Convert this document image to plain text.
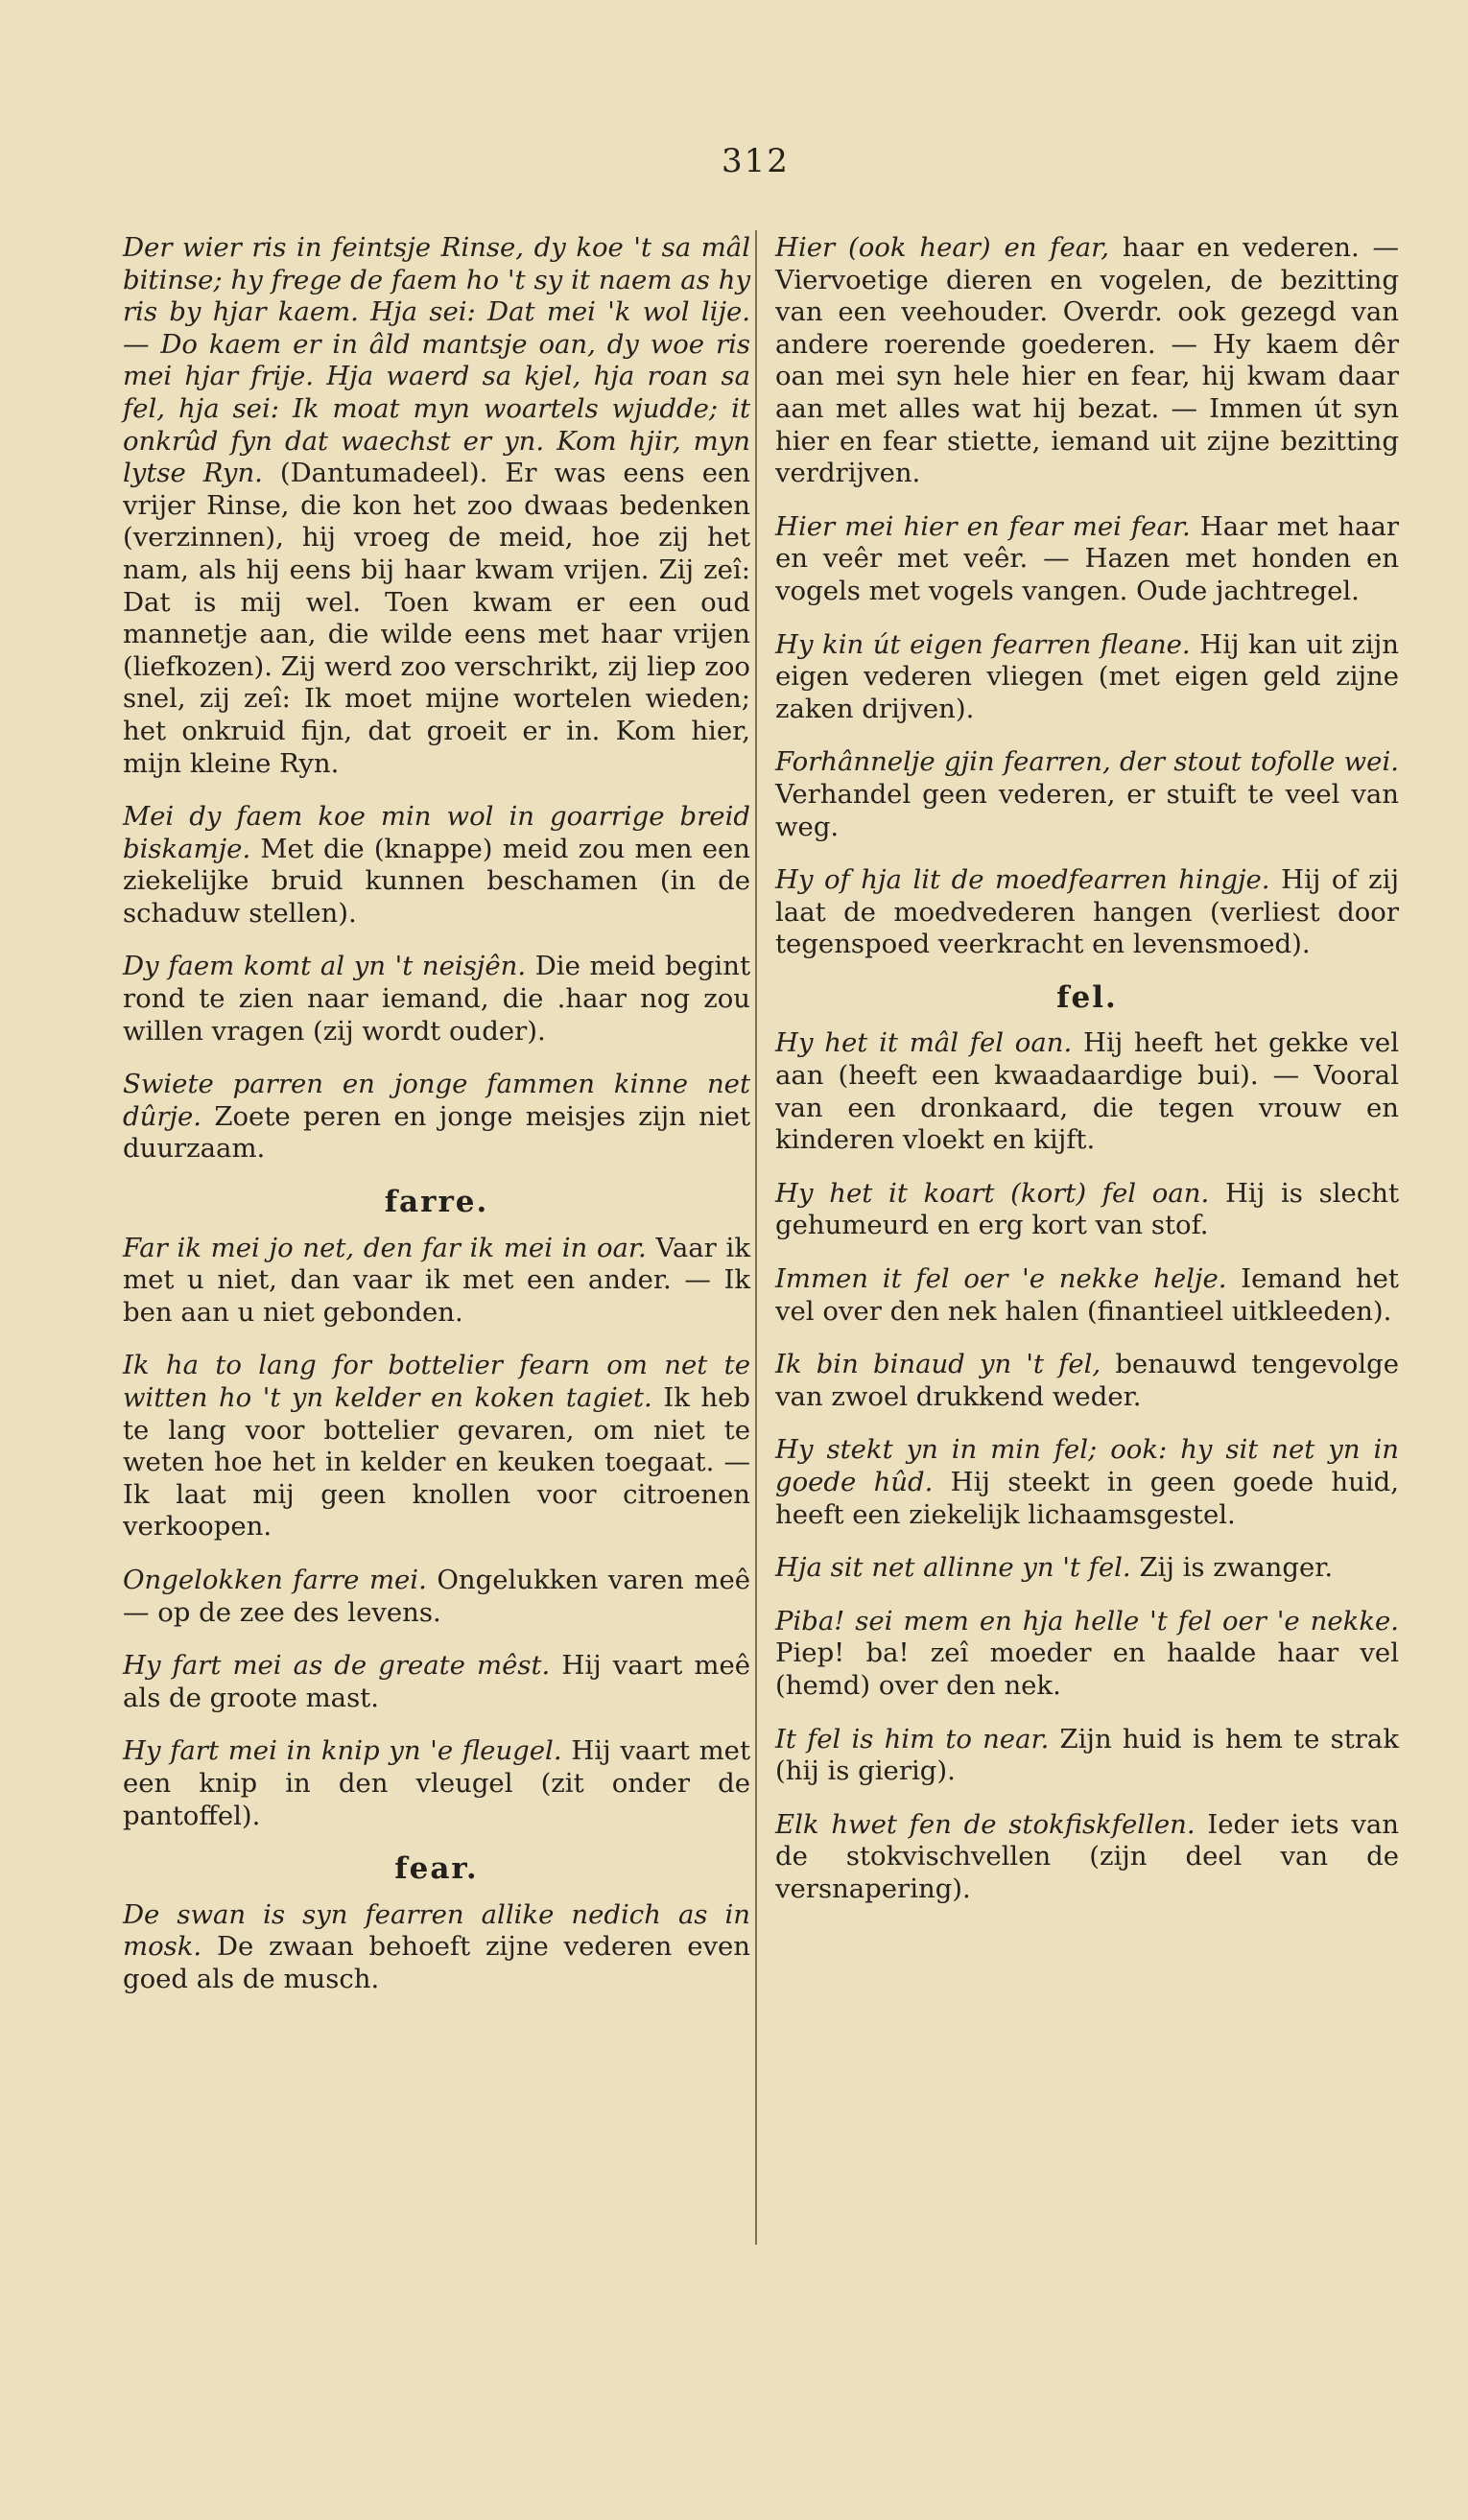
312
Der wier ris in feintsje Rinse, dy koe 't sa mâl bitinse; hy frege de faem ho 't sy it naem as hy ris by hjar kaem. Hja sei: Dat mei 'k wol lije. — Do kaem er in âld mantsje oan, dy woe ris mei hjar frije. Hja waerd sa kjel, hja roan sa fel, hja sei: Ik moat myn woartels wjudde; it onkrûd fyn dat waechst er yn. Kom hjir, myn lytse Ryn. (Dantumadeel). Er was eens een vrijer Rinse, die kon het zoo dwaas bedenken (verzinnen), hij vroeg de meid, hoe zij het nam, als hij eens bij haar kwam vrijen. Zij zeî: Dat is mij wel. Toen kwam er een oud mannetje aan, die wilde eens met haar vrijen (liefkozen). Zij werd zoo verschrikt, zij liep zoo snel, zij zeî: Ik moet mijne wortelen wieden; het onkruid fijn, dat groeit er in. Kom hier, mijn kleine Ryn.
Mei dy faem koe min wol in goarrige breid biskamje. Met die (knappe) meid zou men een ziekelijke bruid kunnen beschamen (in de schaduw stellen).
Dy faem komt al yn 't neisjên. Die meid begint rond te zien naar iemand, die .haar nog zou willen vragen (zij wordt ouder).
Swiete parren en jonge fammen kinne net dûrje. Zoete peren en jonge meisjes zijn niet duurzaam.
farre.
Far ik mei jo net, den far ik mei in oar. Vaar ik met u niet, dan vaar ik met een ander. — Ik ben aan u niet gebonden.
Ik ha to lang for bottelier fearn om net te witten ho 't yn kelder en koken tagiet. Ik heb te lang voor bottelier gevaren, om niet te weten hoe het in kelder en keuken toegaat. — Ik laat mij geen knollen voor citroenen verkoopen.
Ongelokken farre mei. Ongelukken varen meê — op de zee des levens.
Hy fart mei as de greate mêst. Hij vaart meê als de groote mast.
Hy fart mei in knip yn 'e fleugel. Hij vaart met een knip in den vleugel (zit onder de pantoffel).
fear.
De swan is syn fearren allike nedich as in mosk. De zwaan behoeft zijne vederen even goed als de musch.
Hier (ook hear) en fear, haar en vederen. — Viervoetige dieren en vogelen, de bezitting van een veehouder. Overdr. ook gezegd van andere roerende goederen. — Hy kaem dêr oan mei syn hele hier en fear, hij kwam daar aan met alles wat hij bezat. — Immen út syn hier en fear stiette, iemand uit zijne bezitting verdrijven.
Hier mei hier en fear mei fear. Haar met haar en veêr met veêr. — Hazen met honden en vogels met vogels vangen. Oude jachtregel.
Hy kin út eigen fearren fleane. Hij kan uit zijn eigen vederen vliegen (met eigen geld zijne zaken drijven).
Forhânnelje gjin fearren, der stout tofolle wei. Verhandel geen vederen, er stuift te veel van weg.
Hy of hja lit de moedfearren hingje. Hij of zij laat de moedvederen hangen (verliest door tegenspoed veerkracht en levensmoed).
fel.
Hy het it mâl fel oan. Hij heeft het gekke vel aan (heeft een kwaadaardige bui). — Vooral van een dronkaard, die tegen vrouw en kinderen vloekt en kijft.
Hy het it koart (kort) fel oan. Hij is slecht gehumeurd en erg kort van stof.
Immen it fel oer 'e nekke helje. Iemand het vel over den nek halen (finantieel uitkleeden).
Ik bin binaud yn 't fel, benauwd tengevolge van zwoel drukkend weder.
Hy stekt yn in min fel; ook: hy sit net yn in goede hûd. Hij steekt in geen goede huid, heeft een ziekelijk lichaamsgestel.
Hja sit net allinne yn 't fel. Zij is zwanger.
Piba! sei mem en hja helle 't fel oer 'e nekke. Piep! ba! zeî moeder en haalde haar vel (hemd) over den nek.
It fel is him to near. Zijn huid is hem te strak (hij is gierig).
Elk hwet fen de stokfiskfellen. Ieder iets van de stokvischvellen (zijn deel van de versnapering).
